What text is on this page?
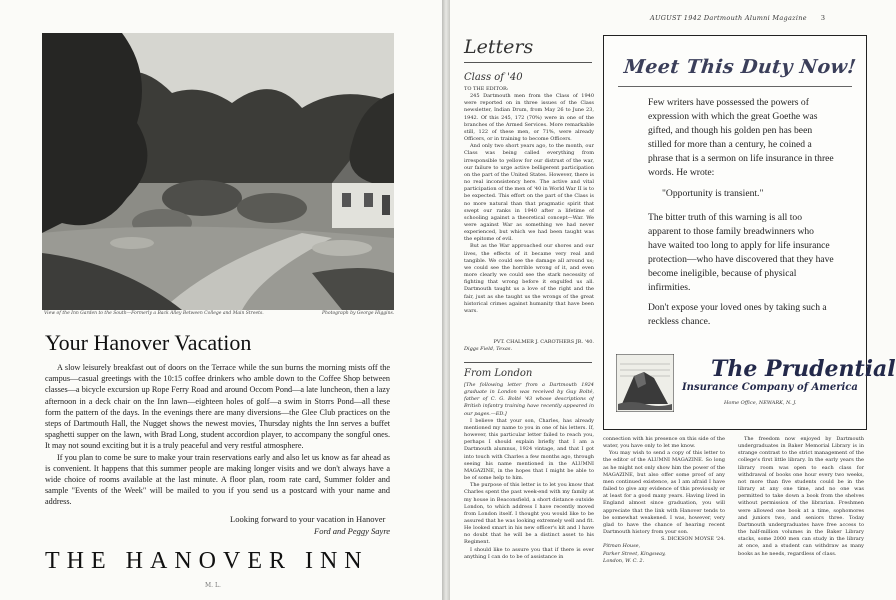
View of the Inn Garden to the South—Formerly a Back Alley Between College and Main Streets.	Photograph by George Higgins.
Your Hanover Vacation

A slow leisurely breakfast out of doors on the Terrace while the sun burns the morning mists off the campus—casual greetings with the 10:15 coffee drinkers who amble down to the Coffee Shop between classes—a bicycle excursion up Rope Ferry Road and around Occom Pond—a late luncheon, then a lazy afternoon in a deck chair on the Inn lawn—eighteen holes of golf—a swim in Storrs Pond—all these form the pattern of the days. In the evenings there are many diversions—the Glee Club practices on the steps of Dartmouth Hall, the Nugget shows the newest movies, Thursday nights the Inn serves a buffet spaghetti supper on the lawn, with Brad Long, student accordion player, to accompany the songful ones. It may not sound exciting but it is a truly peaceful and very restful atmosphere.

If you plan to come be sure to make your train reservations early and also let us know as far ahead as is convenient. It happens that this summer people are making longer visits and we don't always have a wide choice of rooms available at the last minute. A floor plan, room rate card, Summer folder and sample "Events of the Week" will be mailed to you if you send us a postcard with your name and address.

Looking forward to your vacation in Hanover
Ford and Peggy Sayre
THE HANOVER INN
M. L.
AUGUST 1942 Dartmouth Alumni Magazine 3
Letters
Class of '40

TO THE EDITOR:

245 Dartmouth men from the Class of 1940 were reported on in three issues of the Class newsletter, Indian Drum, from May 26 to June 23, 1942. Of this 245, 172 (70%) were in one of the branches of the Armed Services. More remarkable still, 122 of these men, or 71%, were already Officers, or in training to become Officers.

And only two short years ago, to the month, our Class was being called everything from irresponsible to yellow for our distrust of the war, our failure to urge active belligerent participation on the part of the United States. However, there is no real inconsistency here. The active and vital participation of the men of '40 in World War II is to be expected. This effort on the part of the Class is no more natural than that pragmatic spirit that swept our ranks in 1940 after a lifetime of schooling against a theoretical concept—War. We were against War as something we had never experienced, but which we had been taught was the epitome of evil.

But as the War approached our shores and our lives, the effects of it became very real and tangible. We could see the damage all around us; we could see the horrible wrong of it, and even more clearly we could see the stark necessity of fighting that wrong before it engulfed us all. Dartmouth taught us a love of the right and the fair, just as she taught us the wrongs of the great historical crimes against humanity that have been wars.

PVT. CHALMER J. CAROTHERS JR. '40.

Diggs Field, Texas.

From London

[The following letter from a Dartmouth 1924 graduate in London was received by Guy Bolté, father of C. G. Bolté '43 whose descriptions of British infantry training have recently appeared in our pages.—ED.]

I believe that your son, Charles, has already mentioned my name to you in one of his letters. If, however, this particular letter failed to reach you, perhaps I should explain briefly that I am a Dartmouth alumnus, 1924 vintage, and that I got into touch with Charles a few months ago, through seeing his name mentioned in the ALUMNI MAGAZINE, in the hopes that I might be able to be of some help to him.

The purpose of this letter is to let you know that Charles spent the past week-end with my family at my house in Beaconsfield, a short distance outside London, to which address I have recently moved from London itself. I thought you would like to be assured that he was looking extremely well and fit. He looked smart in his new officer's kit and I have no doubt that he will be a distinct asset to his Regiment.

I should like to assure you that if there is ever anything I can do to be of assistance in

connection with his presence on this side of the water, you have only to let me know.

You may wish to send a copy of this letter to the editor of the ALUMNI MAGAZINE. So long as he might not only show him the power of the MAGAZINE, but also offer some proof of any men continued existence, as I am afraid I have failed to give any evidence of this previously or at least for a good many years. Having lived in England almost since graduation, you will appreciate that the link with Hanover tends to be somewhat weakened. I was, however, very glad to have the chance of hearing recent Dartmouth history from your son.

S. DICKSON MOYSE '24.

Pitman House,

Parker Street, Kingsway,

London, W. C. 2.

The freedom now enjoyed by Dartmouth undergraduates in Baker Memorial Library is in strange contrast to the strict management of the college's first little library. In the early years the library room was open to each class for withdrawal of books one hour every two weeks, not more than five students could be in the library at any one time, and no one was permitted to take down a book from the shelves without permission of the librarian. Freshmen were allowed one book at a time, sophomores and juniors two, and seniors three. Today Dartmouth undergraduates have free access to the half-million volumes in the Baker Library stacks, some 2000 men can study in the library at once, and a student can withdraw as many books as he needs, regardless of class.

Meet This Duty Now!

Few writers have possessed the powers of expression with which the great Goethe was gifted, and though his golden pen has been stilled for more than a century, he coined a phrase that is a sermon on life insurance in three words. He wrote:

"Opportunity is transient."

The bitter truth of this warning is all too apparent to those family breadwinners who have waited too long to apply for life insurance protection—who have discovered that they have become ineligible, because of physical infirmities.

Don't expose your loved ones by taking such a reckless chance.

The Prudential
Insurance Company of America
Home Office, NEWARK, N. J.
